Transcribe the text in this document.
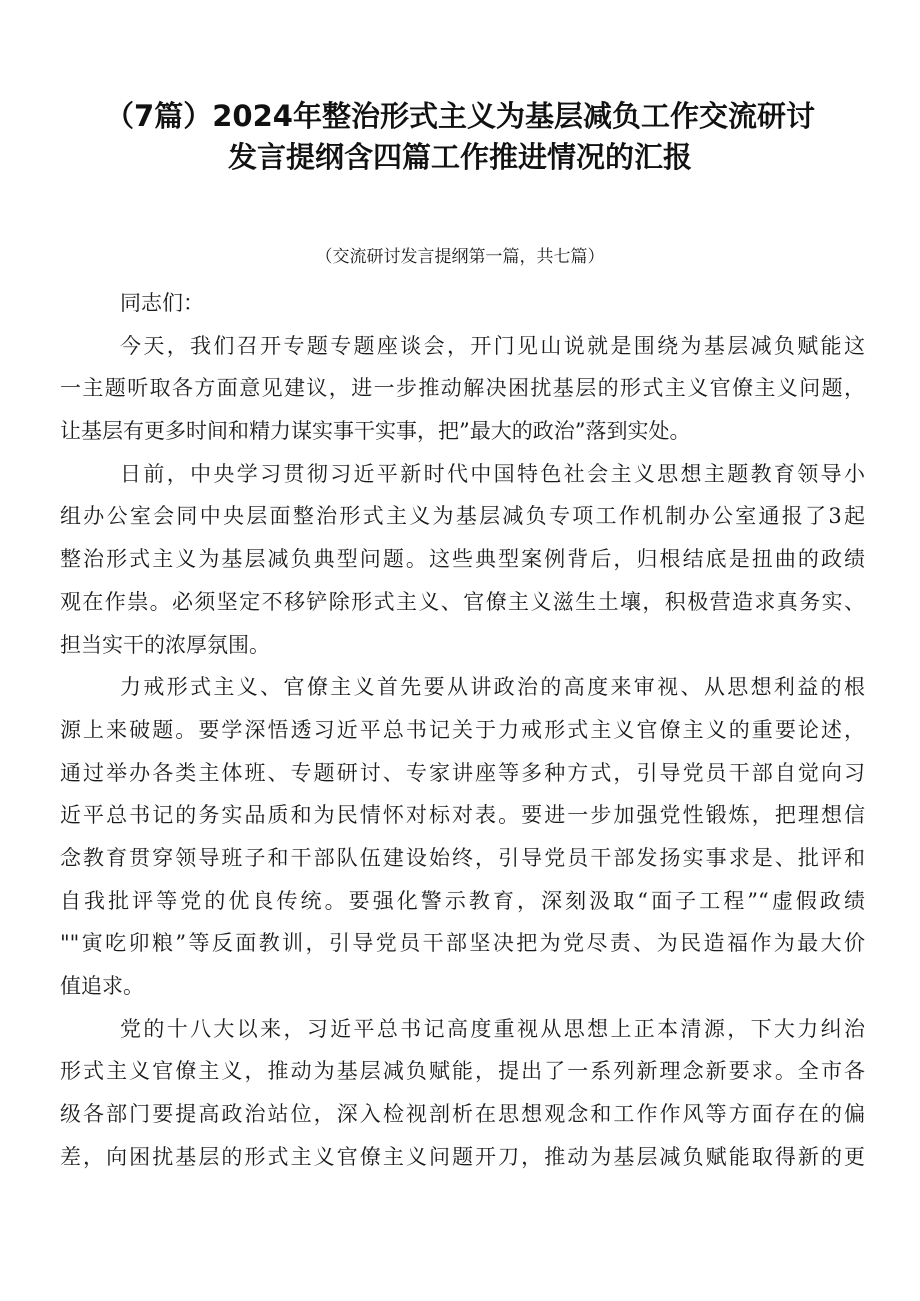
（7篇）2024年整治形式主义为基层减负工作交流研讨
发言提纲含四篇工作推进情况的汇报
（交流研讨发言提纲第一篇，共七篇）
同志们：
今天，我们召开专题专题座谈会，开门见山说就是围绕为基层减负赋能这
一主题听取各方面意见建议，进一步推动解决困扰基层的形式主义官僚主义问题，
让基层有更多时间和精力谋实事干实事，把”最大的政治”落到实处。
日前，中央学习贯彻习近平新时代中国特色社会主义思想主题教育领导小
组办公室会同中央层面整治形式主义为基层减负专项工作机制办公室通报了3起
整治形式主义为基层减负典型问题。这些典型案例背后，归根结底是扭曲的政绩
观在作祟。必须坚定不移铲除形式主义、官僚主义滋生土壤，积极营造求真务实、
担当实干的浓厚氛围。
力戒形式主义、官僚主义首先要从讲政治的高度来审视、从思想利益的根
源上来破题。要学深悟透习近平总书记关于力戒形式主义官僚主义的重要论述，
通过举办各类主体班、专题研讨、专家讲座等多种方式，引导党员干部自觉向习
近平总书记的务实品质和为民情怀对标对表。要进一步加强党性锻炼，把理想信
念教育贯穿领导班子和干部队伍建设始终，引导党员干部发扬实事求是、批评和
自我批评等党的优良传统。要强化警示教育，深刻汲取“面子工程”“虚假政绩
""寅吃卯粮”等反面教训，引导党员干部坚决把为党尽责、为民造福作为最大价
值追求。
党的十八大以来，习近平总书记高度重视从思想上正本清源，下大力纠治
形式主义官僚主义，推动为基层减负赋能，提出了一系列新理念新要求。全市各
级各部门要提高政治站位，深入检视剖析在思想观念和工作作风等方面存在的偏
差，向困扰基层的形式主义官僚主义问题开刀，推动为基层减负赋能取得新的更
